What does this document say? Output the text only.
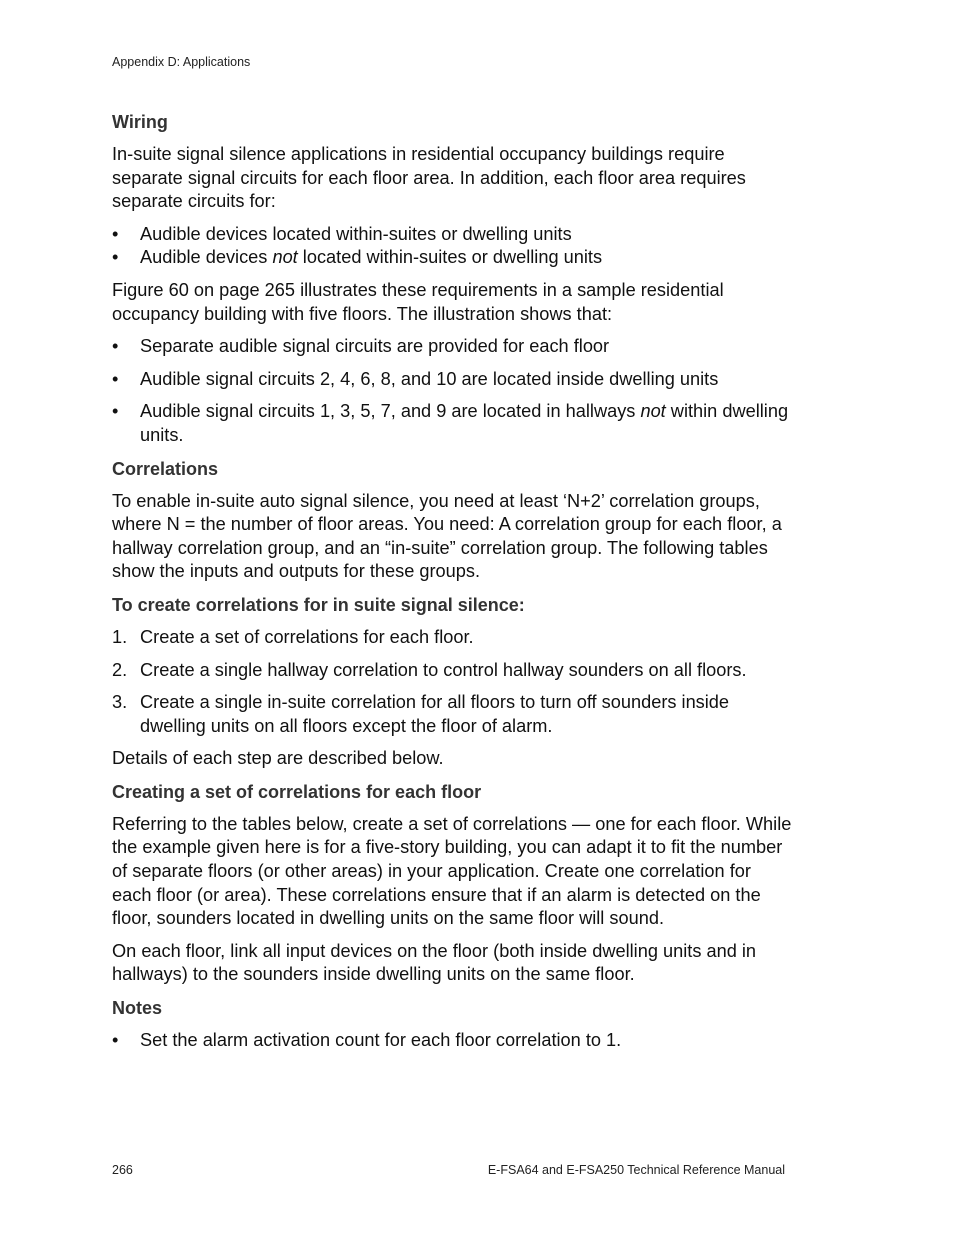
Appendix D: Applications
Wiring

In-suite signal silence applications in residential occupancy buildings require separate signal circuits for each floor area. In addition, each floor area requires separate circuits for:

• Audible devices located within-suites or dwelling units
• Audible devices not located within-suites or dwelling units

Figure 60 on page 265 illustrates these requirements in a sample residential occupancy building with five floors. The illustration shows that:

• Separate audible signal circuits are provided for each floor
• Audible signal circuits 2, 4, 6, 8, and 10 are located inside dwelling units
• Audible signal circuits 1, 3, 5, 7, and 9 are located in hallways not within dwelling units.
Correlations

To enable in-suite auto signal silence, you need at least ‘N+2’ correlation groups, where N = the number of floor areas. You need: A correlation group for each floor, a hallway correlation group, and an “in-suite” correlation group. The following tables show the inputs and outputs for these groups.

To create correlations for in suite signal silence:
1. Create a set of correlations for each floor.
2. Create a single hallway correlation to control hallway sounders on all floors.
3. Create a single in-suite correlation for all floors to turn off sounders inside dwelling units on all floors except the floor of alarm.

Details of each step are described below.

Creating a set of correlations for each floor

Referring to the tables below, create a set of correlations — one for each floor. While the example given here is for a five-story building, you can adapt it to fit the number of separate floors (or other areas) in your application. Create one correlation for each floor (or area). These correlations ensure that if an alarm is detected on the floor, sounders located in dwelling units on the same floor will sound.

On each floor, link all input devices on the floor (both inside dwelling units and in hallways) to the sounders inside dwelling units on the same floor.

Notes
• Set the alarm activation count for each floor correlation to 1.
266	E-FSA64 and E-FSA250 Technical Reference Manual
